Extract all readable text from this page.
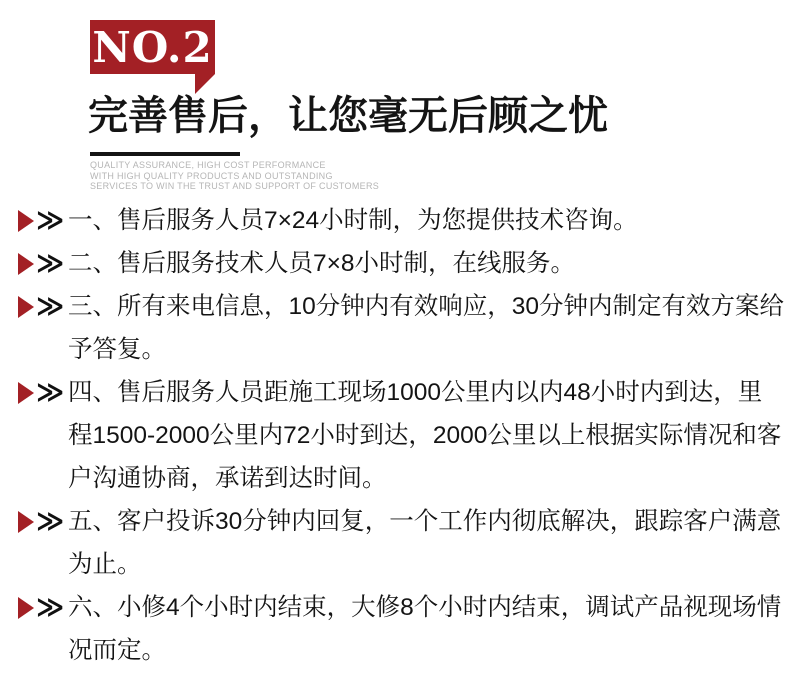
NO.2
完善售后，让您毫无后顾之忧
QUALITY ASSURANCE, HIGH COST PERFORMANCE
WITH HIGH QUALITY PRODUCTS AND OUTSTANDING
SERVICES TO WIN THE TRUST AND SUPPORT OF CUSTOMERS
≫ 一、售后服务人员7×24小时制，为您提供技术咨询。
≫ 二、售后服务技术人员7×8小时制，在线服务。
≫ 三、所有来电信息，10分钟内有效响应，30分钟内制定有效方案给予答复。
≫ 四、售后服务人员距施工现场1000公里内以内48小时内到达，里程1500-2000公里内72小时到达，2000公里以上根据实际情况和客户沟通协商，承诺到达时间。
≫ 五、客户投诉30分钟内回复，一个工作内彻底解决，跟踪客户满意为止。
≫ 六、小修4个小时内结束，大修8个小时内结束，调试产品视现场情况而定。
